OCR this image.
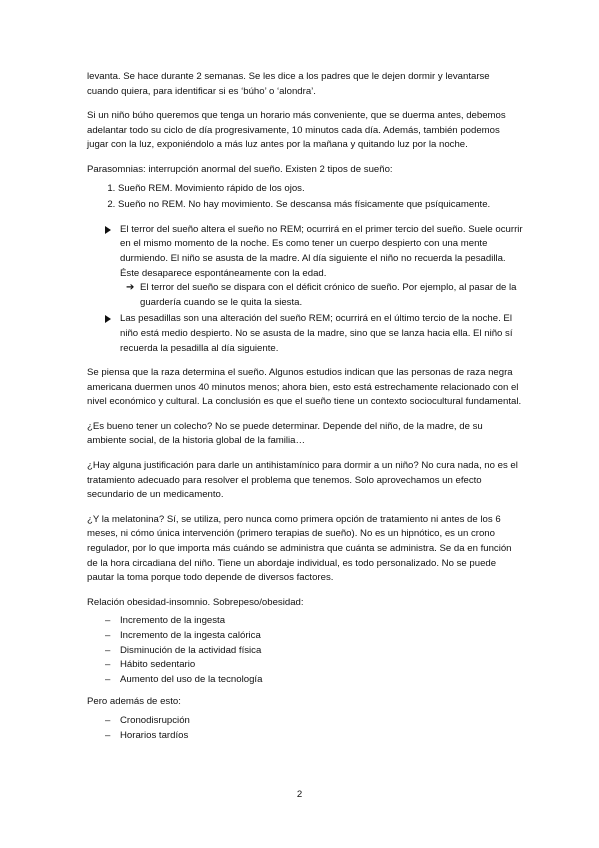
levanta. Se hace durante 2 semanas. Se les dice a los padres que le dejen dormir y levantarse cuando quiera, para identificar si es ‘búho’ o ‘alondra’.

Si un niño búho queremos que tenga un horario más conveniente, que se duerma antes, debemos adelantar todo su ciclo de día progresivamente, 10 minutos cada día. Además, también podemos jugar con la luz, exponiéndolo a más luz antes por la mañana y quitando luz por la noche.

Parasomnias: interrupción anormal del sueño. Existen 2 tipos de sueño:

1. Sueño REM. Movimiento rápido de los ojos.
2. Sueño no REM. No hay movimiento. Se descansa más físicamente que psíquicamente.
El terror del sueño altera el sueño no REM; ocurrirá en el primer tercio del sueño. Suele ocurrir en el mismo momento de la noche. Es como tener un cuerpo despierto con una mente durmiendo. El niño se asusta de la madre. Al día siguiente el niño no recuerda la pesadilla. Éste desaparece espontáneamente con la edad.
➔ El terror del sueño se dispara con el déficit crónico de sueño. Por ejemplo, al pasar de la guardería cuando se le quita la siesta.
Las pesadillas son una alteración del sueño REM; ocurrirá en el último tercio de la noche. El niño está medio despierto. No se asusta de la madre, sino que se lanza hacia ella. El niño sí recuerda la pesadilla al día siguiente.

Se piensa que la raza determina el sueño. Algunos estudios indican que las personas de raza negra americana duermen unos 40 minutos menos; ahora bien, esto está estrechamente relacionado con el nivel económico y cultural. La conclusión es que el sueño tiene un contexto sociocultural fundamental.

¿Es bueno tener un colecho? No se puede determinar. Depende del niño, de la madre, de su ambiente social, de la historia global de la familia…

¿Hay alguna justificación para darle un antihistamínico para dormir a un niño? No cura nada, no es el tratamiento adecuado para resolver el problema que tenemos. Solo aprovechamos un efecto secundario de un medicamento.

¿Y la melatonina? Sí, se utiliza, pero nunca como primera opción de tratamiento ni antes de los 6 meses, ni cómo única intervención (primero terapias de sueño). No es un hipnótico, es un crono regulador, por lo que importa más cuándo se administra que cuánta se administra. Se da en función de la hora circadiana del niño. Tiene un abordaje individual, es todo personalizado. No se puede pautar la toma porque todo depende de diversos factores.

Relación obesidad-insomnio. Sobrepeso/obesidad:

– Incremento de la ingesta
– Incremento de la ingesta calórica
– Disminución de la actividad física
– Hábito sedentario
– Aumento del uso de la tecnología

Pero además de esto:

– Cronodisrupción
– Horarios tardíos
2
